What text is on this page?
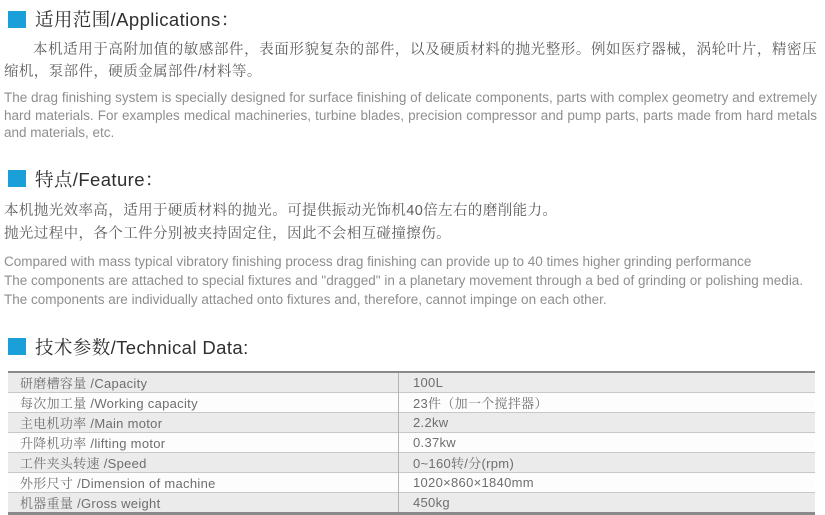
适用范围/Applications：

本机适用于高附加值的敏感部件，表面形貌复杂的部件，以及硬质材料的抛光整形。例如医疗器械，涡轮叶片，精密压缩机，泵部件，硬质金属部件/材料等。

The drag finishing system is specially designed for surface finishing of delicate components, parts with complex geometry and extremely hard materials. For examples medical machineries, turbine blades, precision compressor and pump parts, parts made from hard metals and materials, etc.

特点/Feature：

本机抛光效率高，适用于硬质材料的抛光。可提供振动光饰机40倍左右的磨削能力。

抛光过程中，各个工件分别被夹持固定住，因此不会相互碰撞擦伤。

Compared with mass typical vibratory finishing process drag finishing can provide up to 40 times higher grinding performance

The components are attached to special fixtures and "dragged" in a planetary movement through a bed of grinding or polishing media.

The components are individually attached onto fixtures and, therefore, cannot impinge on each other.

技术参数/Technical Data:
研磨槽容量 /Capacity	100L
每次加工量 /Working capacity	23件（加一个搅拌器）
主电机功率 /Main motor	2.2kw
升降机功率 /lifting motor	0.37kw
工件夹头转速 /Speed	0~160转/分(rpm)
外形尺寸 /Dimension of machine	1020×860×1840mm
机器重量 /Gross weight	450kg
